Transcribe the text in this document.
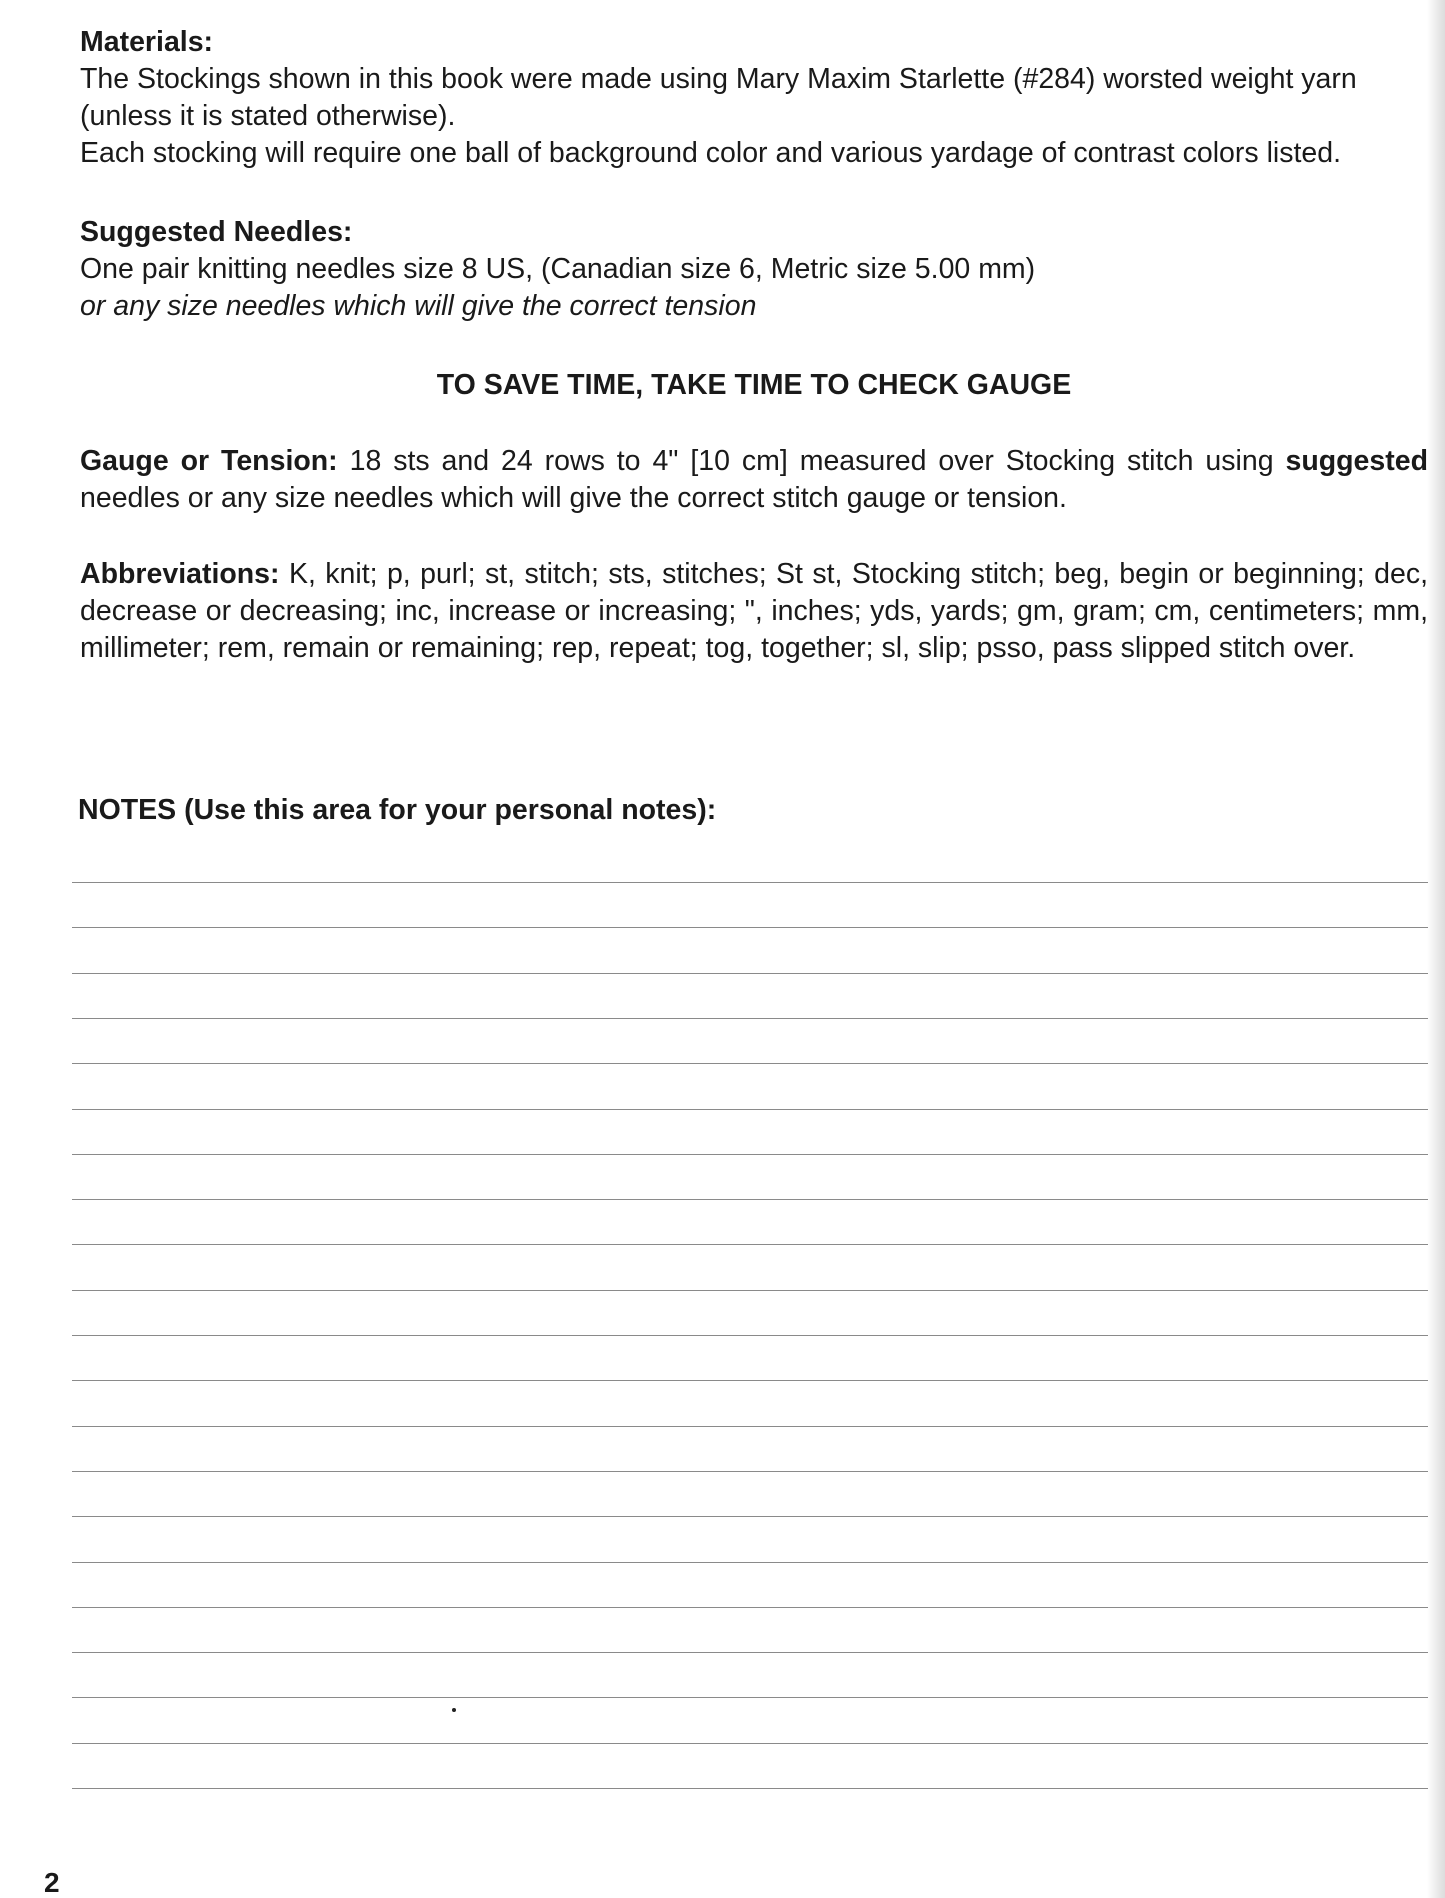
Materials:
The Stockings shown in this book were made using Mary Maxim Starlette (#284) worsted weight yarn
(unless it is stated otherwise).
Each stocking will require one ball of background color and various yardage of contrast colors listed.
Suggested Needles:
One pair knitting needles size 8 US, (Canadian size 6, Metric size 5.00 mm)
or any size needles which will give the correct tension
TO SAVE TIME, TAKE TIME TO CHECK GAUGE
Gauge or Tension: 18 sts and 24 rows to 4" [10 cm] measured over Stocking stitch using suggested needles or any size needles which will give the correct stitch gauge or tension.
Abbreviations: K, knit; p, purl; st, stitch; sts, stitches; St st, Stocking stitch; beg, begin or beginning; dec, decrease or decreasing; inc, increase or increasing; ", inches; yds, yards; gm, gram; cm, centimeters; mm, millimeter; rem, remain or remaining; rep, repeat; tog, together; sl, slip; psso, pass slipped stitch over.
NOTES (Use this area for your personal notes):
2
